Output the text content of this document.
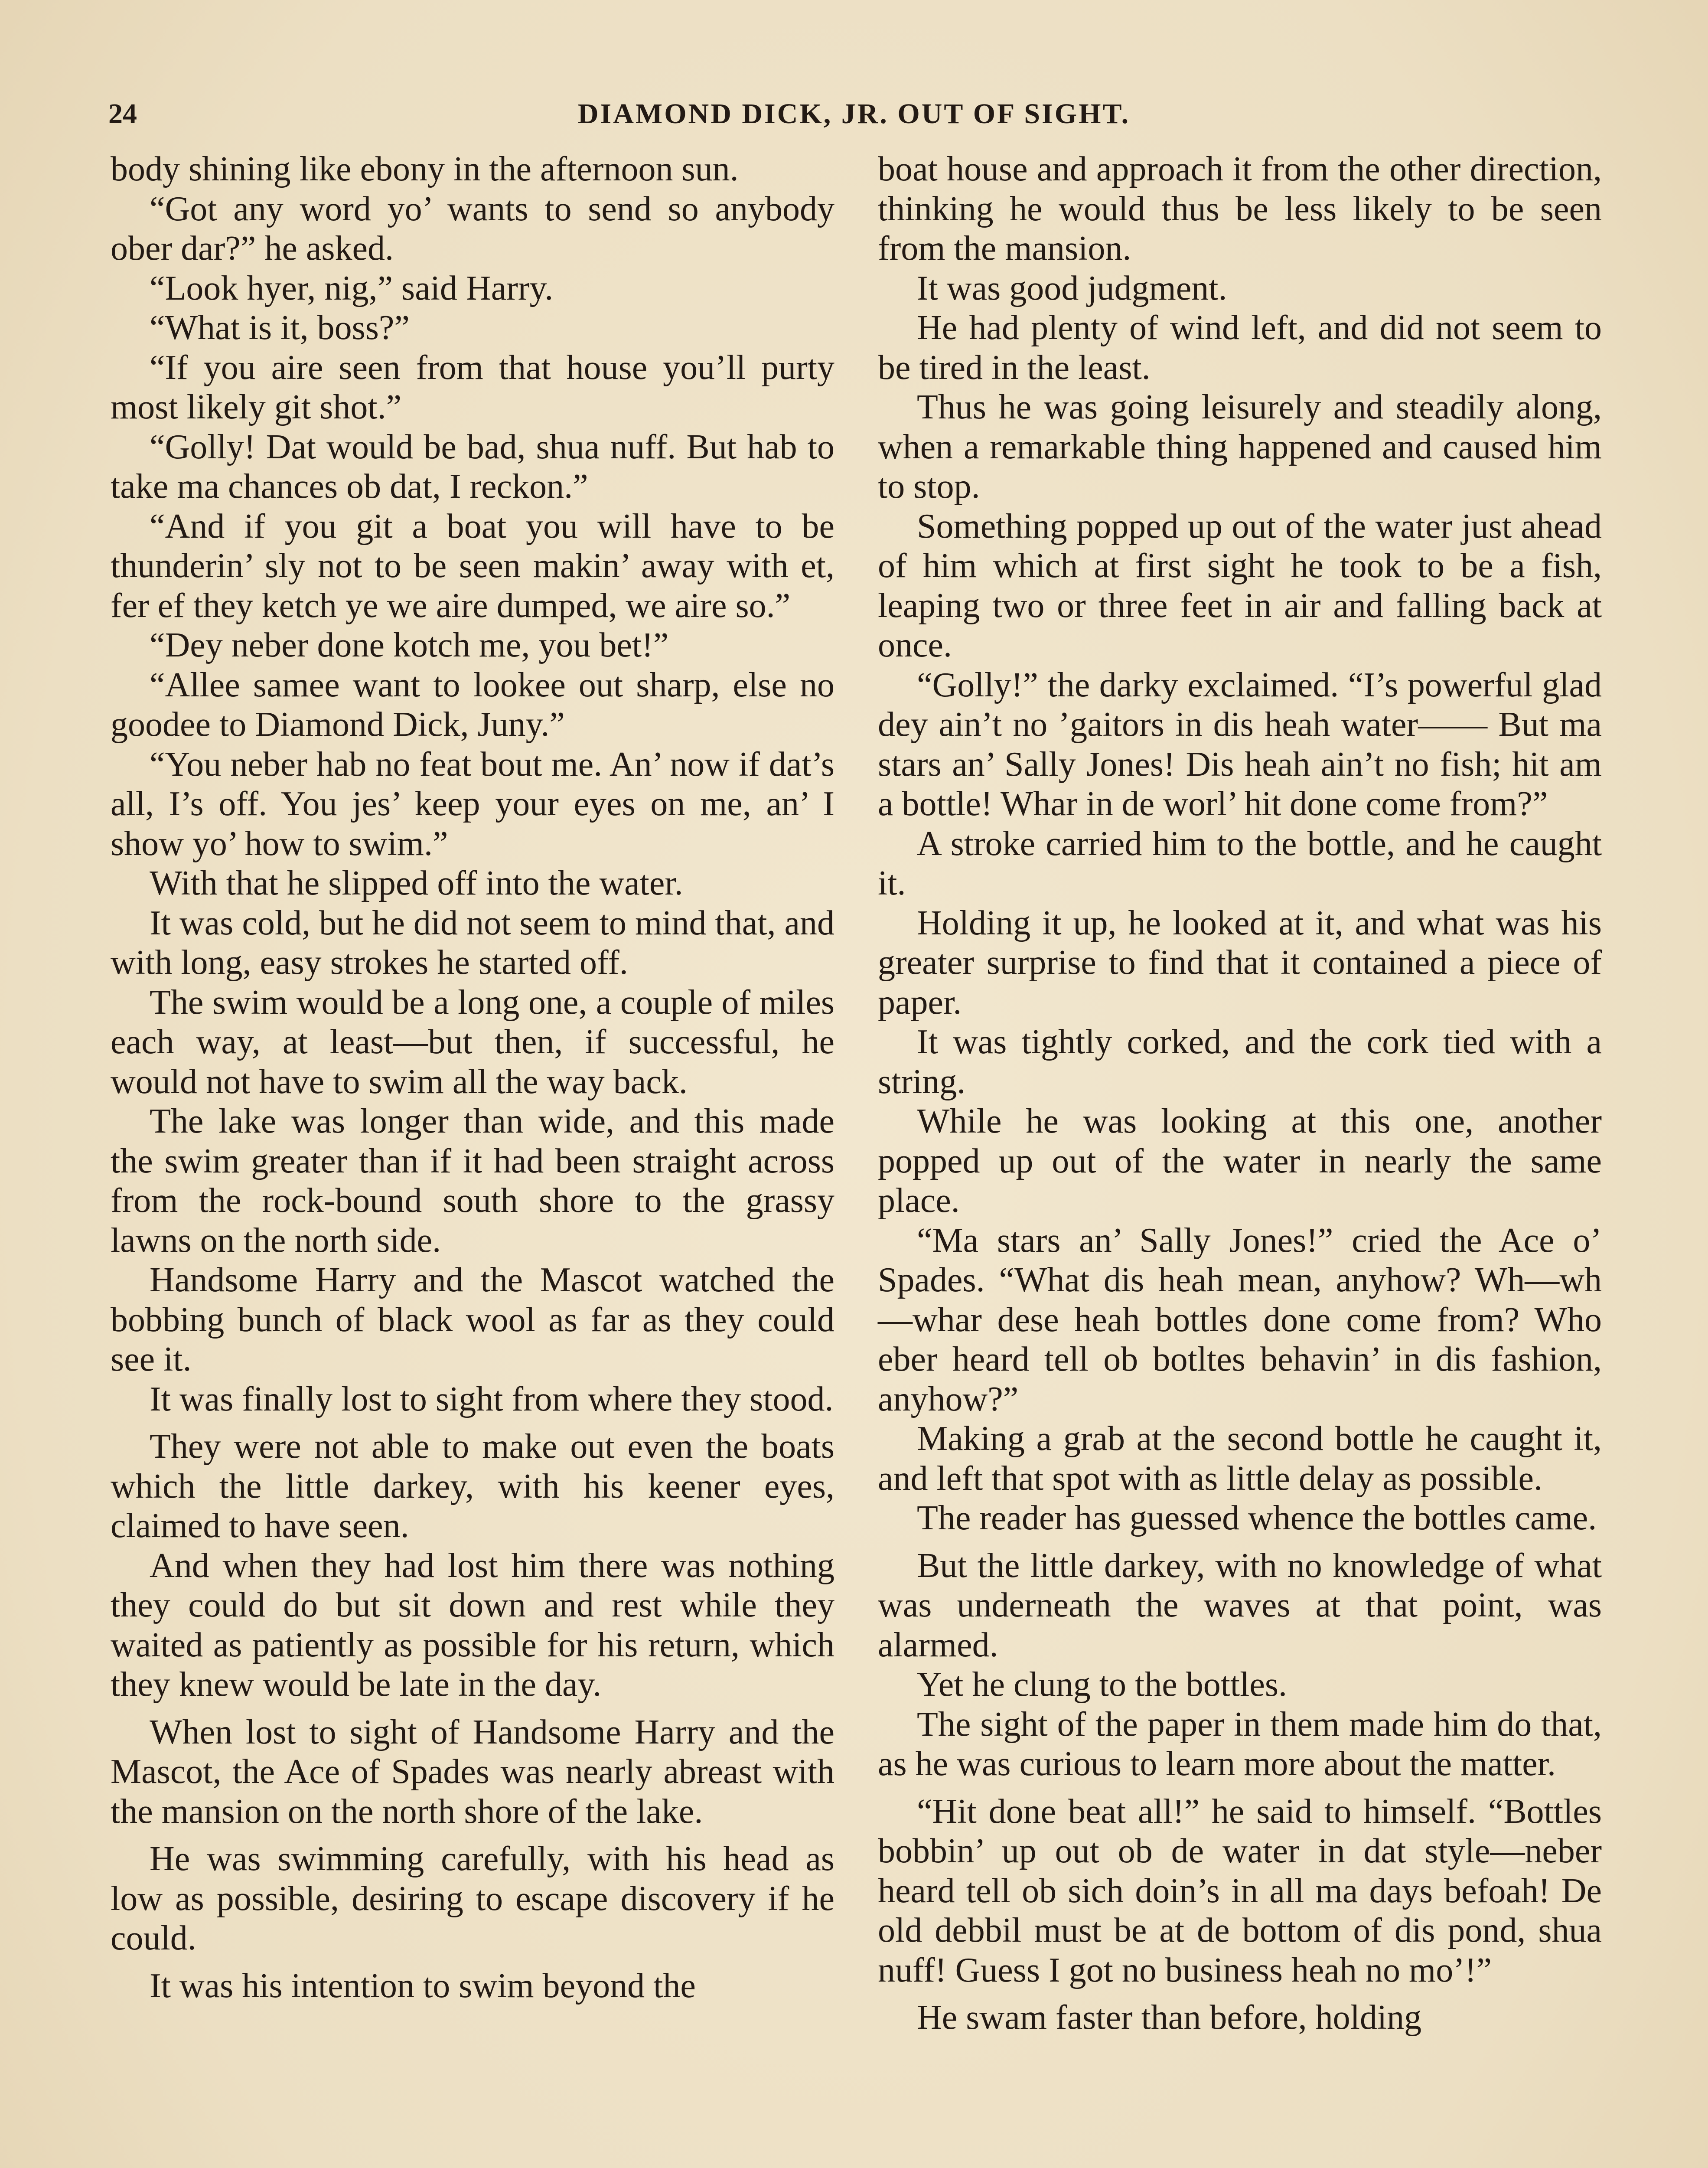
24	DIAMOND DICK, JR. OUT OF SIGHT.

body shining like ebony in the afternoon sun.

“Got any word yo’ wants to send so anybody ober dar?” he asked.

“Look hyer, nig,” said Harry.

“What is it, boss?”

“If you aire seen from that house you’ll purty most likely git shot.”

“Golly! Dat would be bad, shua nuff. But hab to take ma chances ob dat, I reckon.”

“And if you git a boat you will have to be thunderin’ sly not to be seen makin’ away with et, fer ef they ketch ye we aire dumped, we aire so.”

“Dey neber done kotch me, you bet!”

“Allee samee want to lookee out sharp, else no goodee to Diamond Dick, Juny.”

“You neber hab no feat bout me. An’ now if dat’s all, I’s off. You jes’ keep your eyes on me, an’ I show yo’ how to swim.”

With that he slipped off into the water.

It was cold, but he did not seem to mind that, and with long, easy strokes he started off.

The swim would be a long one, a couple of miles each way, at least—but then, if successful, he would not have to swim all the way back.

The lake was longer than wide, and this made the swim greater than if it had been straight across from the rock-bound south shore to the grassy lawns on the north side.

Handsome Harry and the Mascot watched the bobbing bunch of black wool as far as they could see it.

It was finally lost to sight from where they stood.

They were not able to make out even the boats which the little darkey, with his keener eyes, claimed to have seen.

And when they had lost him there was nothing they could do but sit down and rest while they waited as patiently as possible for his return, which they knew would be late in the day.

When lost to sight of Handsome Harry and the Mascot, the Ace of Spades was nearly abreast with the mansion on the north shore of the lake.

He was swimming carefully, with his head as low as possible, desiring to escape discovery if he could.

It was his intention to swim beyond the

boat house and approach it from the other direction, thinking he would thus be less likely to be seen from the mansion.

It was good judgment.

He had plenty of wind left, and did not seem to be tired in the least.

Thus he was going leisurely and steadily along, when a remarkable thing happened and caused him to stop.

Something popped up out of the water just ahead of him which at first sight he took to be a fish, leaping two or three feet in air and falling back at once.

“Golly!” the darky exclaimed. “I’s powerful glad dey ain’t no ’gaitors in dis heah water—— But ma stars an’ Sally Jones! Dis heah ain’t no fish; hit am a bottle! Whar in de worl’ hit done come from?”

A stroke carried him to the bottle, and he caught it.

Holding it up, he looked at it, and what was his greater surprise to find that it contained a piece of paper.

It was tightly corked, and the cork tied with a string.

While he was looking at this one, another popped up out of the water in nearly the same place.

“Ma stars an’ Sally Jones!” cried the Ace o’ Spades. “What dis heah mean, anyhow? Wh—wh—whar dese heah bottles done come from? Who eber heard tell ob botltes behavin’ in dis fashion, anyhow?”

Making a grab at the second bottle he caught it, and left that spot with as little delay as possible.

The reader has guessed whence the bottles came.

But the little darkey, with no knowledge of what was underneath the waves at that point, was alarmed.

Yet he clung to the bottles.

The sight of the paper in them made him do that, as he was curious to learn more about the matter.

“Hit done beat all!” he said to himself. “Bottles bobbin’ up out ob de water in dat style—neber heard tell ob sich doin’s in all ma days befoah! De old debbil must be at de bottom of dis pond, shua nuff! Guess I got no business heah no mo’!”

He swam faster than before, holding
